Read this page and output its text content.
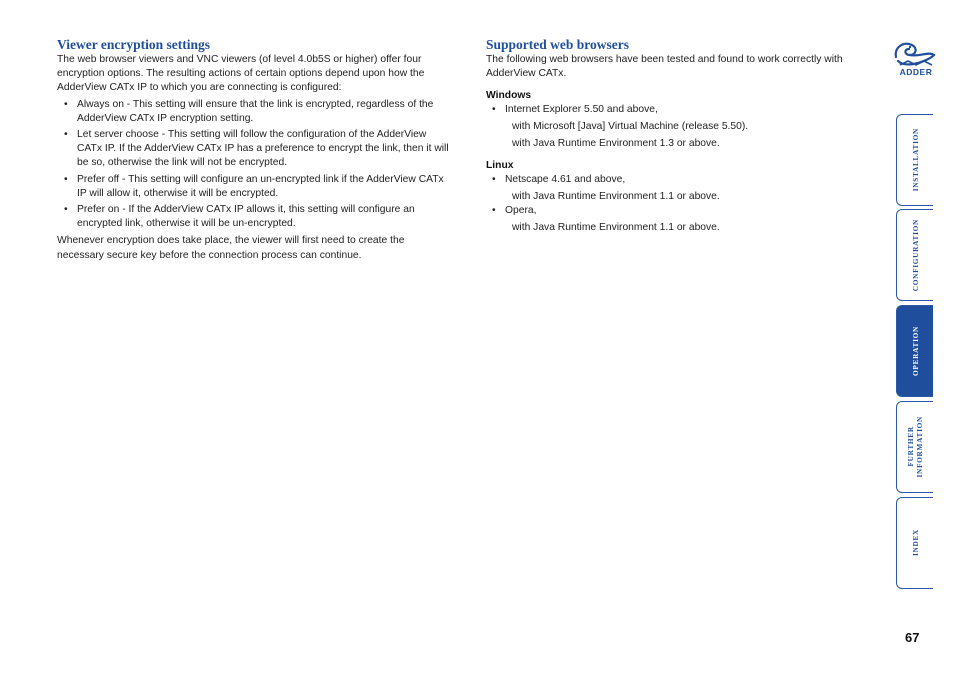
Viewer encryption settings

The web browser viewers and VNC viewers (of level 4.0b5S or higher) offer four encryption options. The resulting actions of certain options depend upon how the AdderView CATx IP to which you are connecting is configured:

• Always on - This setting will ensure that the link is encrypted, regardless of the AdderView CATx IP encryption setting.
• Let server choose - This setting will follow the configuration of the AdderView CATx IP. If the AdderView CATx IP has a preference to encrypt the link, then it will be so, otherwise the link will not be encrypted.
• Prefer off - This setting will configure an un-encrypted link if the AdderView CATx IP will allow it, otherwise it will be encrypted.
• Prefer on - If the AdderView CATx IP allows it, this setting will configure an encrypted link, otherwise it will be un-encrypted.

Whenever encryption does take place, the viewer will first need to create the necessary secure key before the connection process can continue.

Supported web browsers

The following web browsers have been tested and found to work correctly with AdderView CATx.

Windows
• Internet Explorer 5.50 and above,
with Microsoft [Java] Virtual Machine (release 5.50).
with Java Runtime Environment 1.3 or above.
Linux
• Netscape 4.61 and above,
with Java Runtime Environment 1.1 or above.
• Opera,
with Java Runtime Environment 1.1 or above.
ADDER
INSTALLATION
CONFIGURATION
OPERATION
FURTHER
INFORMATION
INDEX
67
